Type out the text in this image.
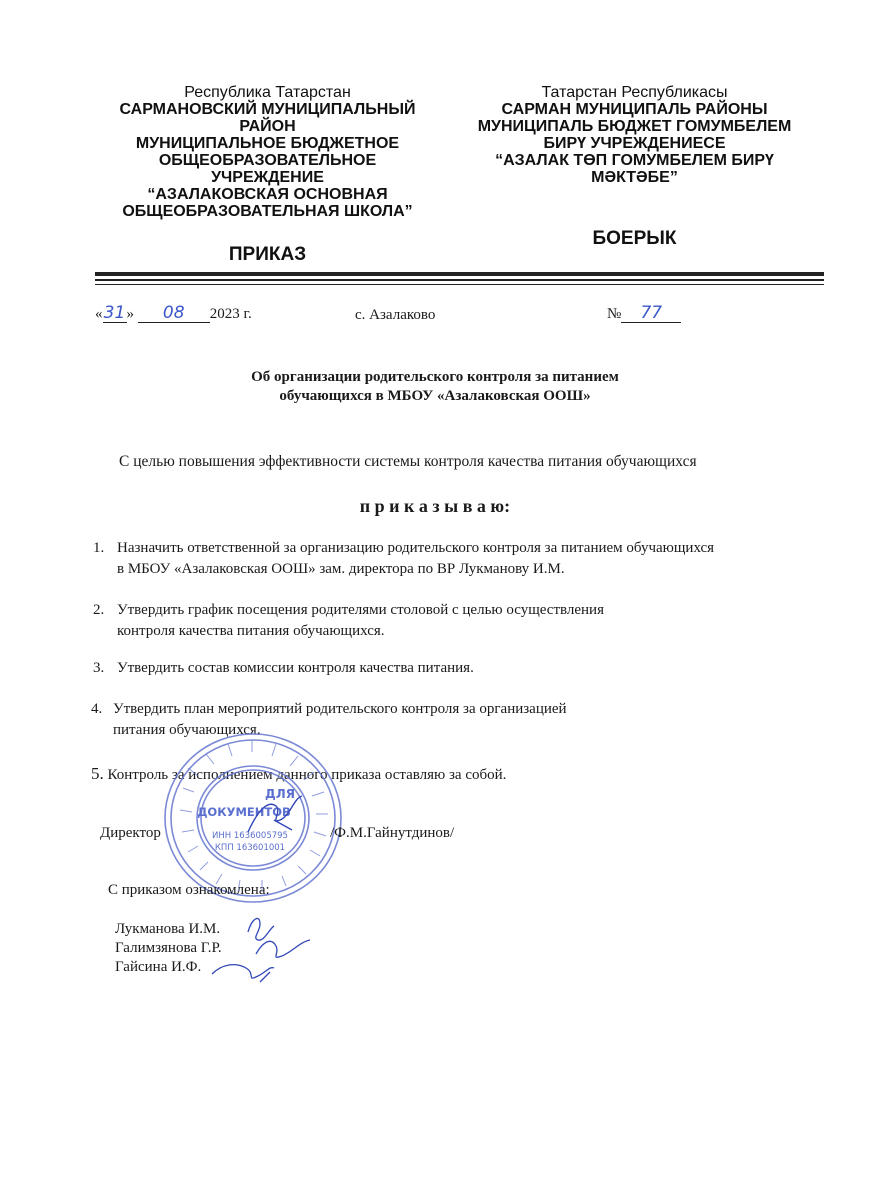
Республика Татарстан
САРМАНОВСКИЙ МУНИЦИПАЛЬНЫЙ
РАЙОН
МУНИЦИПАЛЬНОЕ БЮДЖЕТНОЕ
ОБЩЕОБРАЗОВАТЕЛЬНОЕ
УЧРЕЖДЕНИЕ
“АЗАЛАКОВСКАЯ ОСНОВНАЯ
ОБЩЕОБРАЗОВАТЕЛЬНАЯ ШКОЛА”
ПРИКАЗ
Татарстан Республикасы
САРМАН МУНИЦИПАЛЬ РАЙОНЫ
МУНИЦИПАЛЬ БЮДЖЕТ ГОМУМБЕЛЕМ
БИРҮ УЧРЕЖДЕНИЕСЕ
“АЗАЛАК ТӨП ГОМУМБЕЛЕМ БИРҮ
МӘКТӘБЕ”
БОЕРЫК
«31» 08 2023 г.	с. Азалаково	№ 77
Об организации родительского контроля за питанием
обучающихся в МБОУ «Азалаковская ООШ»
С целью повышения эффективности системы контроля качества питания обучающихся
п р и к а з ы в а ю:
1. Назначить ответственной за организацию родительского контроля за питанием обучающихся
в МБОУ «Азалаковская ООШ» зам. директора по ВР Лукманову И.М.
2. Утвердить график посещения родителями столовой с целью осуществления
контроля качества питания обучающихся.
3. Утвердить состав комиссии контроля качества питания.
4. Утвердить план мероприятий родительского контроля за организацией
питания обучающихся.
5. Контроль за исполнением данного приказа оставляю за собой.
ДЛЯ
ДОКУМЕНТОВ
ИНН 1636005795
КПП 163601001
Директор	/Ф.М.Гайнутдинов/
С приказом ознакомлена:
Лукманова И.М.
Галимзянова Г.Р.
Гайсина И.Ф.
